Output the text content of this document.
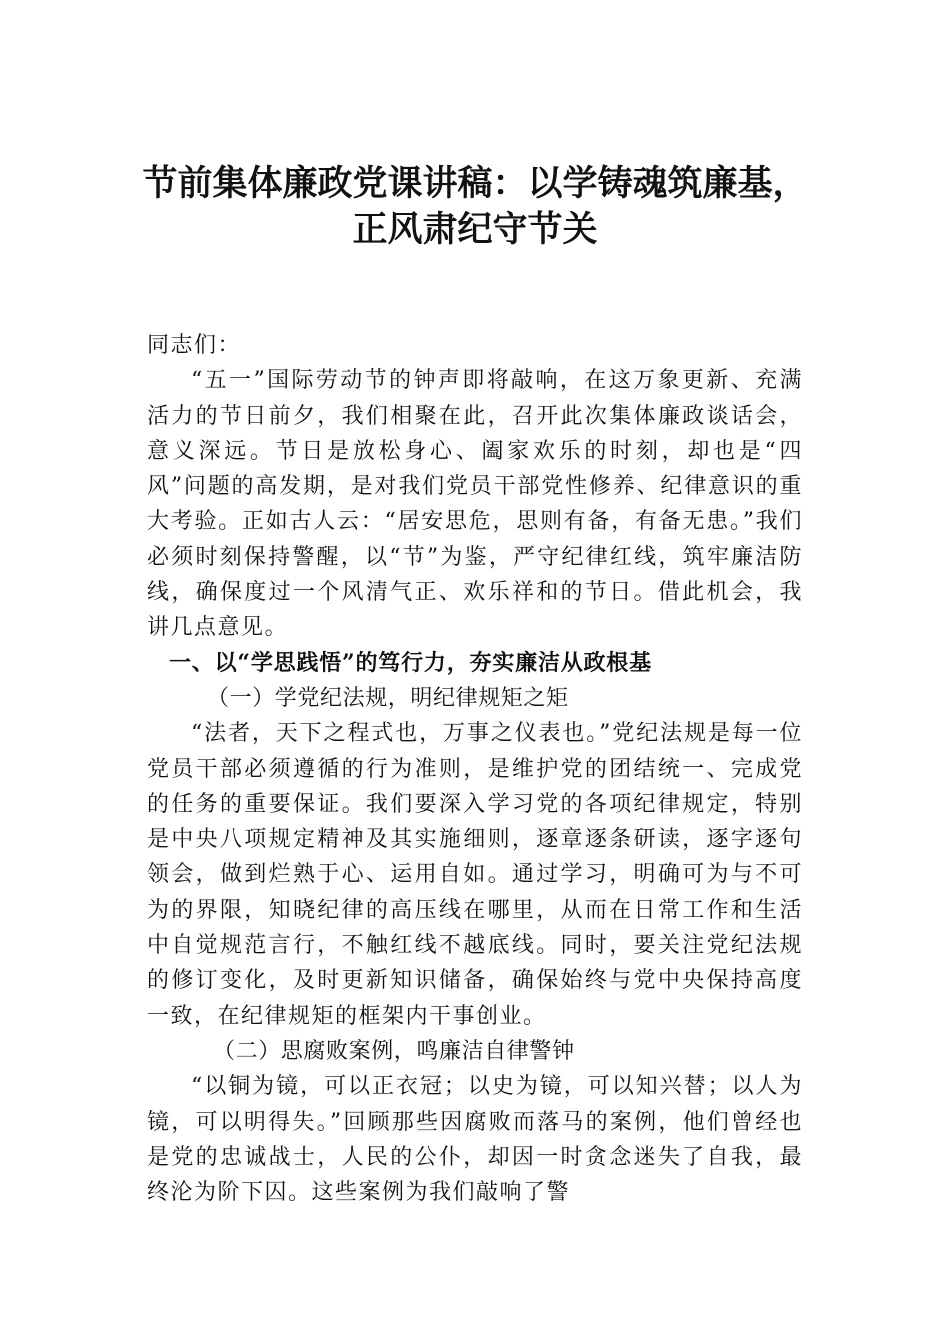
节前集体廉政党课讲稿：以学铸魂筑廉基，
正风肃纪守节关

同志们：

“五一”国际劳动节的钟声即将敲响，在这万象更新、充满活力的节日前夕，我们相聚在此，召开此次集体廉政谈话会，意义深远。节日是放松身心、阖家欢乐的时刻，却也是“四风”问题的高发期，是对我们党员干部党性修养、纪律意识的重大考验。正如古人云：“居安思危，思则有备，有备无患。”我们必须时刻保持警醒，以“节”为鉴，严守纪律红线，筑牢廉洁防线，确保度过一个风清气正、欢乐祥和的节日。借此机会，我讲几点意见。

一、以“学思践悟”的笃行力，夯实廉洁从政根基

（一）学党纪法规，明纪律规矩之矩

“法者，天下之程式也，万事之仪表也。”党纪法规是每一位党员干部必须遵循的行为准则，是维护党的团结统一、完成党的任务的重要保证。我们要深入学习党的各项纪律规定，特别是中央八项规定精神及其实施细则，逐章逐条研读，逐字逐句领会，做到烂熟于心、运用自如。通过学习，明确可为与不可为的界限，知晓纪律的高压线在哪里，从而在日常工作和生活中自觉规范言行，不触红线不越底线。同时，要关注党纪法规的修订变化，及时更新知识储备，确保始终与党中央保持高度一致，在纪律规矩的框架内干事创业。

（二）思腐败案例，鸣廉洁自律警钟

“以铜为镜，可以正衣冠；以史为镜，可以知兴替；以人为镜，可以明得失。”回顾那些因腐败而落马的案例，他们曾经也是党的忠诚战士，人民的公仆，却因一时贪念迷失了自我，最终沦为阶下囚。这些案例为我们敲响了警
